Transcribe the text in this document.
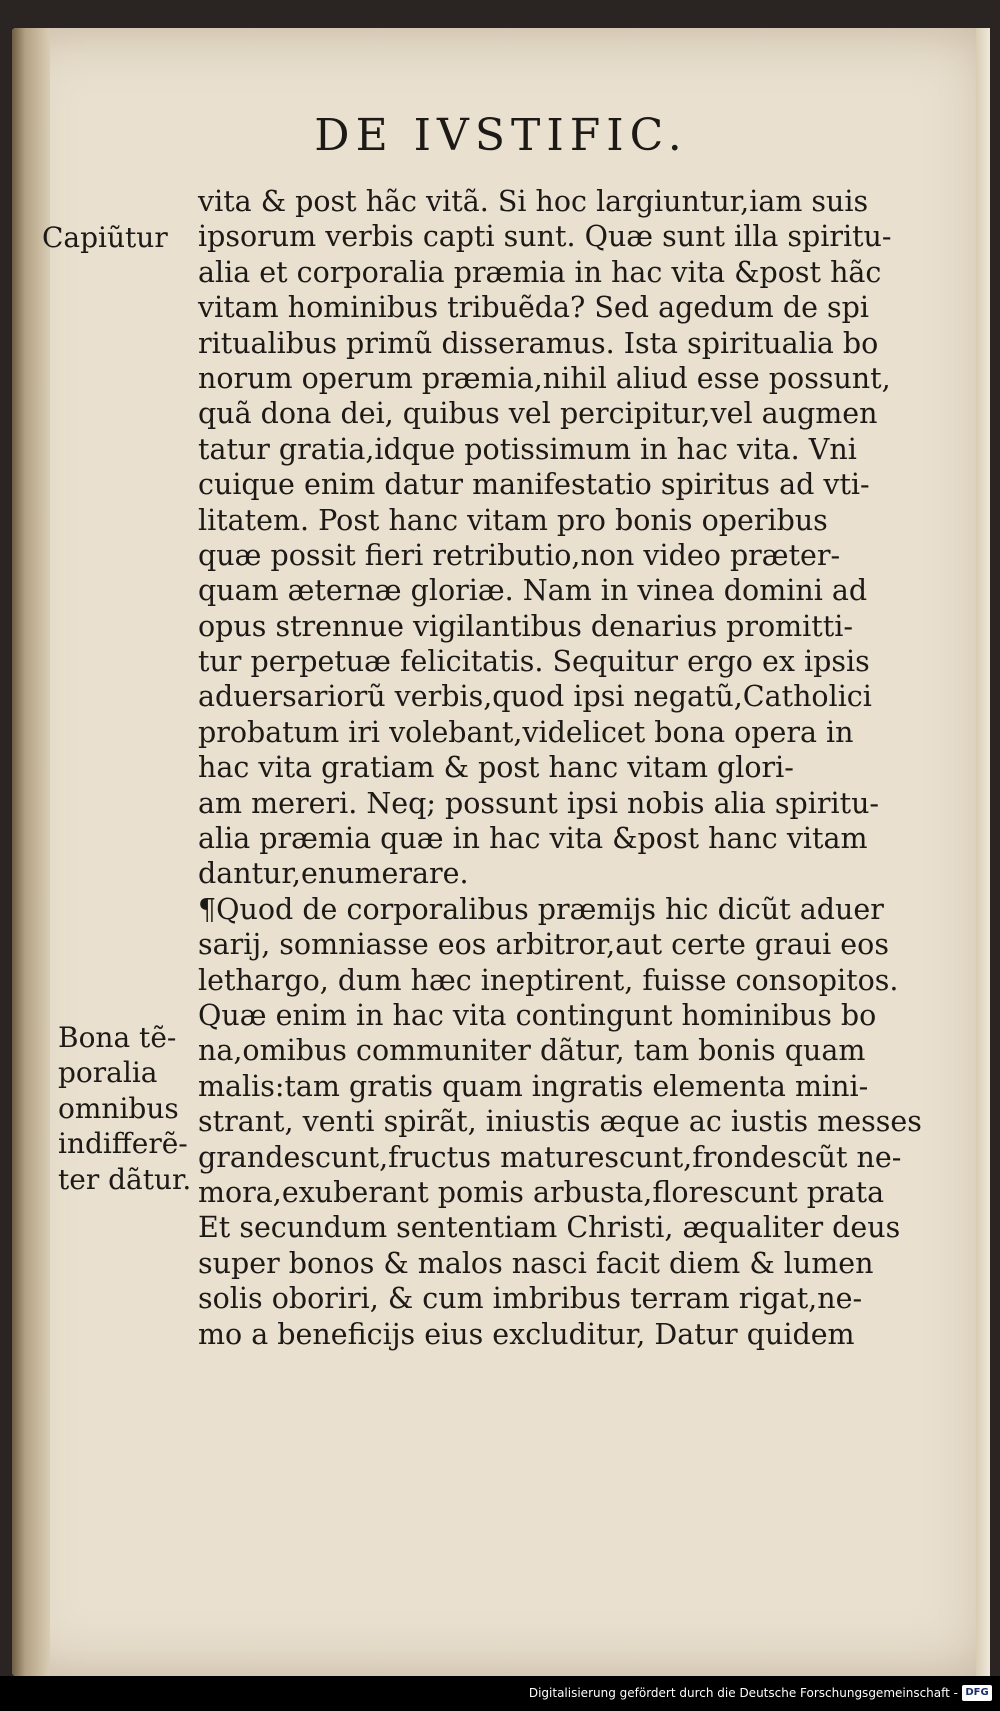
DE IVSTIFIC.
Capiũtur
Bona tẽ-
poralia
omnibus
indifferẽ-
ter dãtur.
vita & post hãc vitã. Si hoc largiuntur,iam suis
ipsorum verbis capti sunt. Quæ sunt illa spiritu-
alia et corporalia præmia in hac vita &post hãc
vitam hominibus tribuẽda? Sed agedum de spi
ritualibus primũ disseramus. Ista spiritualia bo
norum operum præmia,nihil aliud esse possunt,
quã dona dei, quibus vel percipitur,vel augmen
tatur gratia,idque potissimum in hac vita. Vni
cuique enim datur manifestatio spiritus ad vti-
litatem. Post hanc vitam pro bonis operibus
quæ possit fieri retributio,non video præter-
quam æternæ gloriæ. Nam in vinea domini ad
opus strennue vigilantibus denarius promitti-
tur perpetuæ felicitatis. Sequitur ergo ex ipsis
aduersariorũ verbis,quod ipsi negatũ,Catholici
probatum iri volebant,videlicet bona opera in
hac vita gratiam & post hanc vitam glori-
am mereri. Neq; possunt ipsi nobis alia spiritu-
alia præmia quæ in hac vita &post hanc vitam
dantur,enumerare.
¶Quod de corporalibus præmijs hic dicũt aduer
sarij, somniasse eos arbitror,aut certe graui eos
lethargo, dum hæc ineptirent, fuisse consopitos.
Quæ enim in hac vita contingunt hominibus bo
na,omibus communiter dãtur, tam bonis quam
malis:tam gratis quam ingratis elementa mini-
strant, venti spirãt, iniustis æque ac iustis messes
grandescunt,fructus maturescunt,frondescũt ne-
mora,exuberant pomis arbusta,florescunt prata
Et secundum sententiam Christi, æqualiter deus
super bonos & malos nasci facit diem & lumen
solis oboriri, & cum imbribus terram rigat,ne-
mo a beneficijs eius excluditur, Datur quidem
Digitalisierung gefördert durch die Deutsche Forschungsgemeinschaft - DFG
